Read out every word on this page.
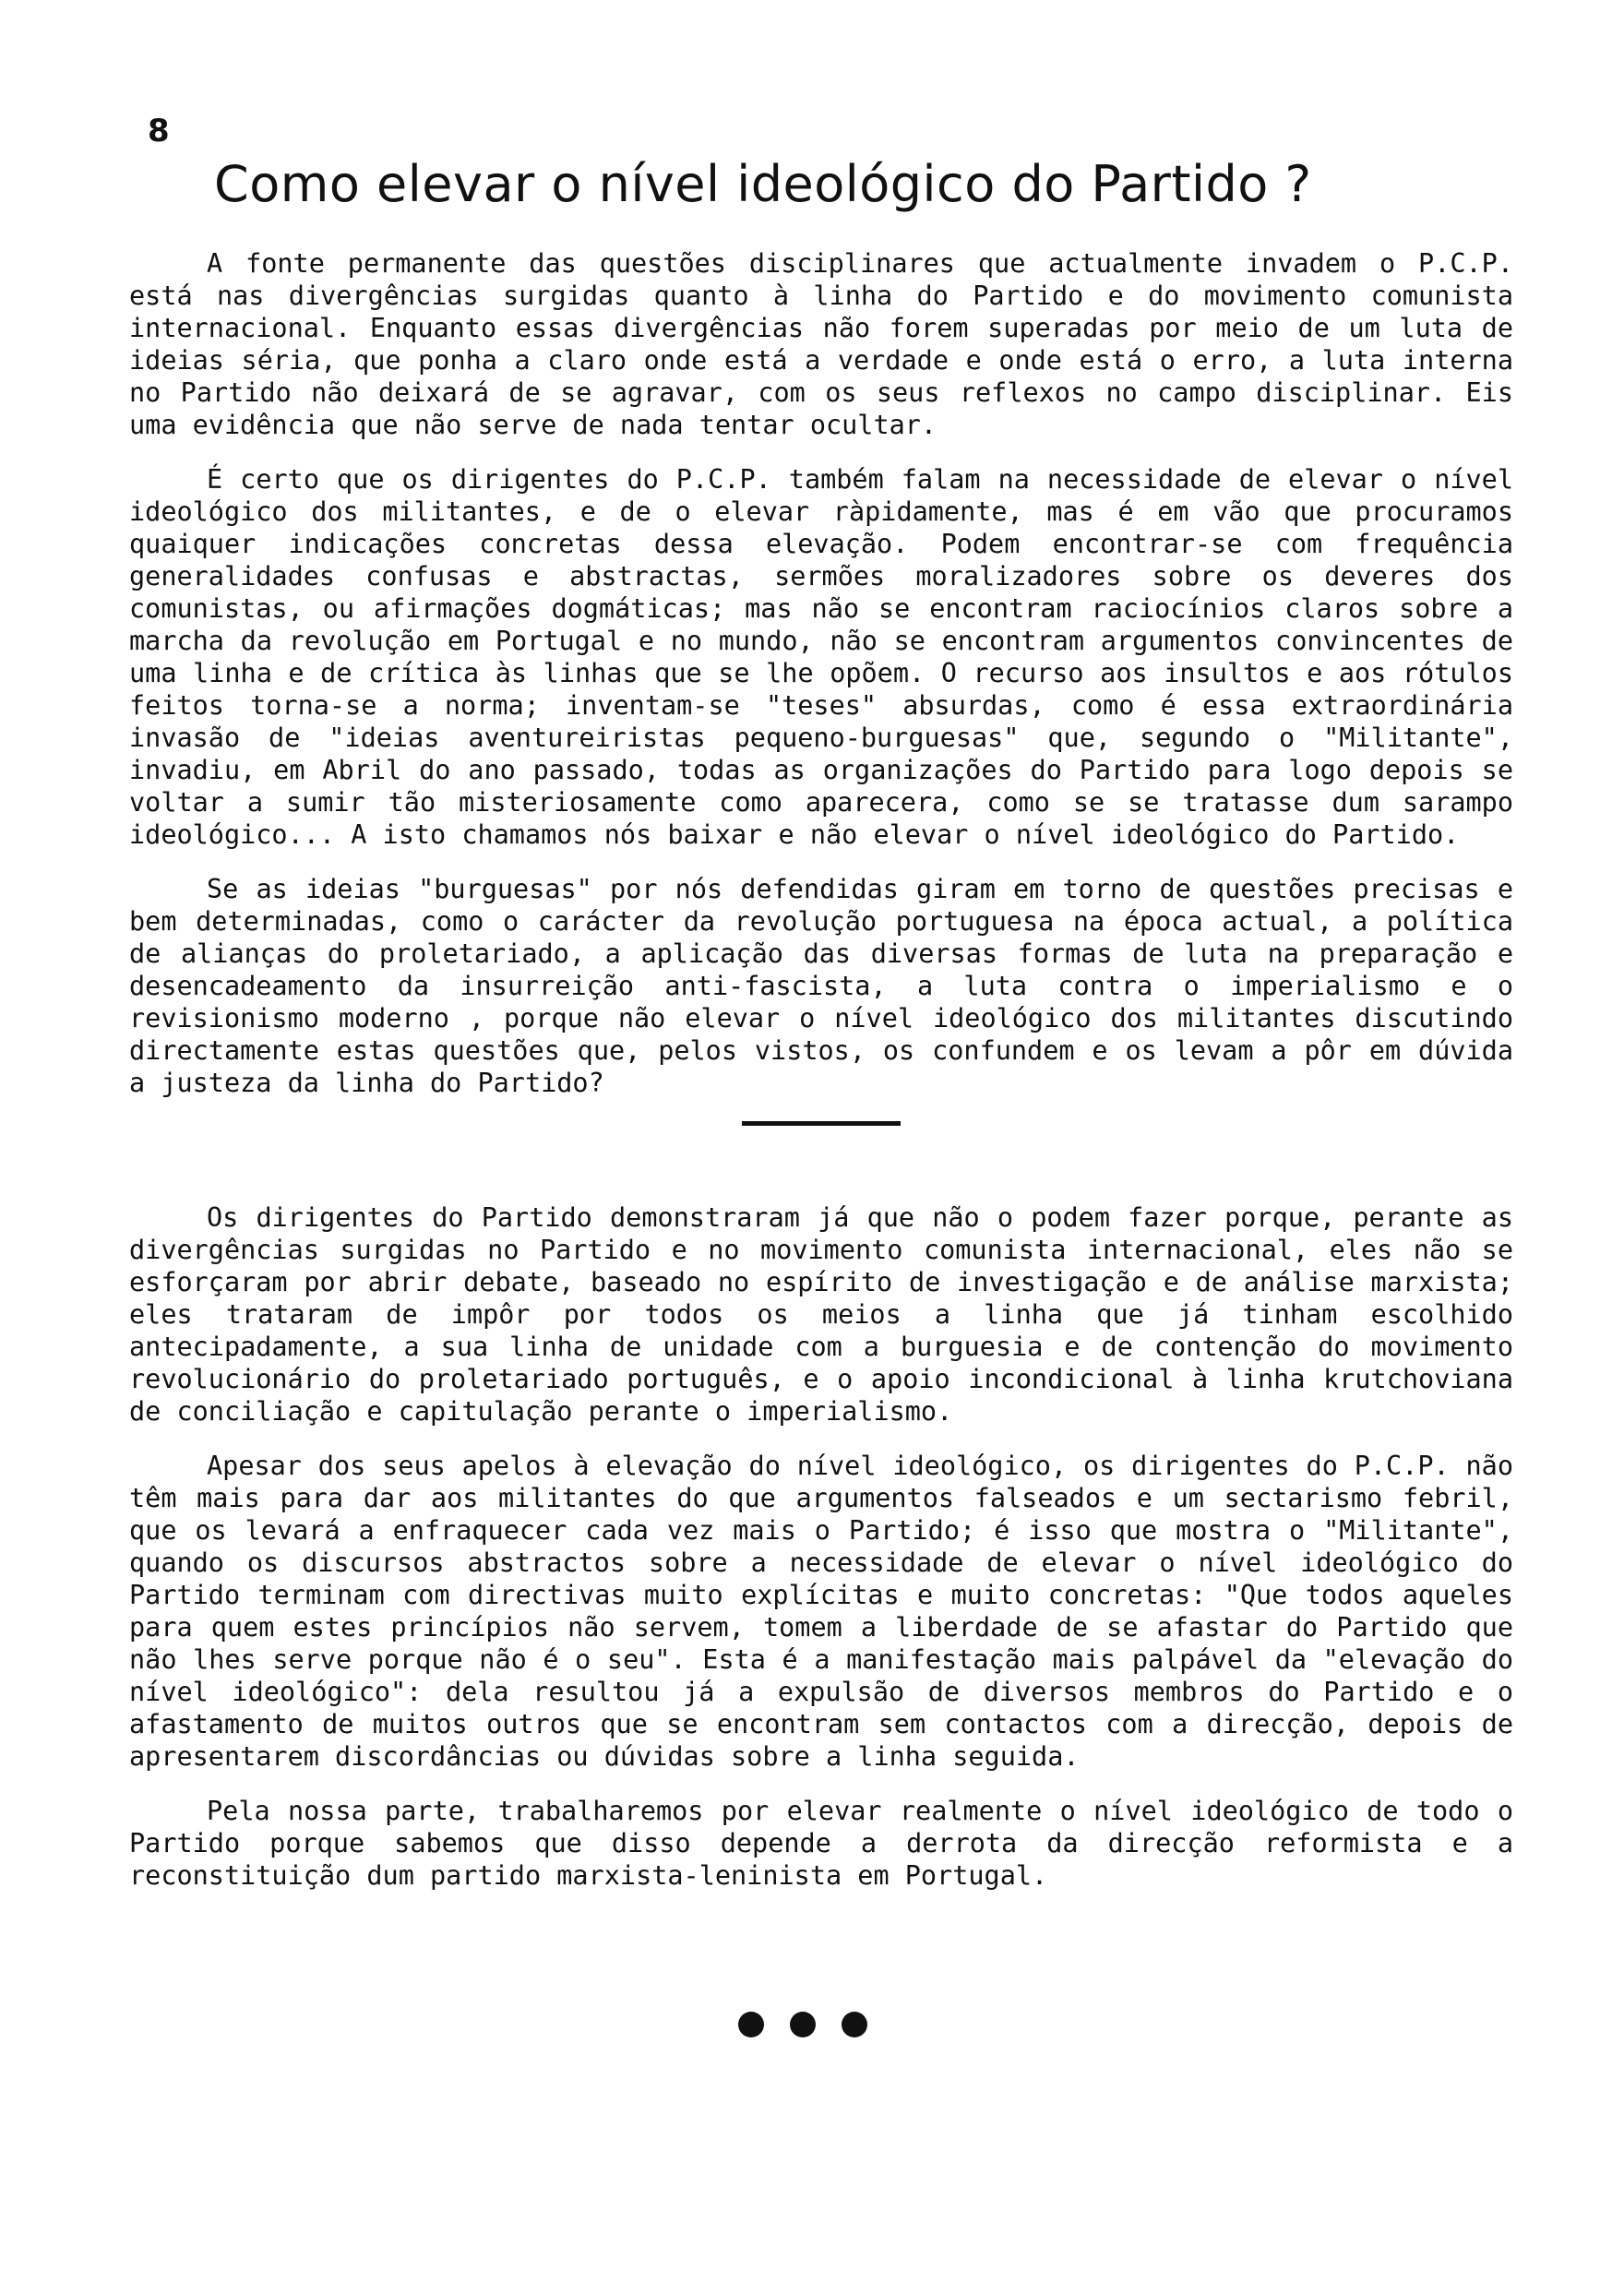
8
Como elevar o nível ideológico do Partido ?

A fonte permanente das questões disciplinares que actualmente invadem o P.C.P. está nas divergências surgidas quanto à linha do Partido e do movimento comunista internacional. Enquanto essas divergências não forem superadas por meio de um luta de ideias séria, que ponha a claro onde está a verdade e onde está o erro, a luta interna no Partido não deixará de se agravar, com os seus reflexos no campo disciplinar. Eis uma evidência que não serve de nada tentar ocultar.

É certo que os dirigentes do P.C.P. também falam na necessidade de elevar o nível ideológico dos militantes, e de o elevar ràpidamente, mas é em vão que procuramos quaiquer indicações concretas dessa elevação. Podem encontrar-se com frequência generalidades confusas e abstractas, sermões moralizadores sobre os deveres dos comunistas, ou afirmações dogmáticas; mas não se encontram raciocínios claros sobre a marcha da revolução em Portugal e no mundo, não se encontram argumentos convincentes de uma linha e de crítica às linhas que se lhe opõem. O recurso aos insultos e aos rótulos feitos torna-se a norma; inventam-se "teses" absurdas, como é essa extraordinária invasão de "ideias aventureiristas pequeno-burguesas" que, segundo o "Militante", invadiu, em Abril do ano passado, todas as organizações do Partido para logo depois se voltar a sumir tão misteriosamente como aparecera, como se se tratasse dum sarampo ideológico... A isto chamamos nós baixar e não elevar o nível ideológico do Partido.

Se as ideias "burguesas" por nós defendidas giram em torno de questões precisas e bem determinadas, como o carácter da revolução portuguesa na época actual, a política de alianças do proletariado, a aplicação das diversas formas de luta na preparação e desencadeamento da insurreição anti-fascista, a luta contra o imperialismo e o revisionismo moderno , porque não elevar o nível ideológico dos militantes discutindo directamente estas questões que, pelos vistos, os confundem e os levam a pôr em dúvida a justeza da linha do Partido?

Os dirigentes do Partido demonstraram já que não o podem fazer porque, perante as divergências surgidas no Partido e no movimento comunista internacional, eles não se esforçaram por abrir debate, baseado no espírito de investigação e de análise marxista; eles trataram de impôr por todos os meios a linha que já tinham escolhido antecipadamente, a sua linha de unidade com a burguesia e de contenção do movimento revolucionário do proletariado português, e o apoio incondicional à linha krutchoviana de conciliação e capitulação perante o imperialismo.

Apesar dos seus apelos à elevação do nível ideológico, os dirigentes do P.C.P. não têm mais para dar aos militantes do que argumentos falseados e um sectarismo febril, que os levará a enfraquecer cada vez mais o Partido; é isso que mostra o "Militante", quando os discursos abstractos sobre a necessidade de elevar o nível ideológico do Partido terminam com directivas muito explícitas e muito concretas: "Que todos aqueles para quem estes princípios não servem, tomem a liberdade de se afastar do Partido que não lhes serve porque não é o seu". Esta é a manifestação mais palpável da "elevação do nível ideológico": dela resultou já a expulsão de diversos membros do Partido e o afastamento de muitos outros que se encontram sem contactos com a direcção, depois de apresentarem discordâncias ou dúvidas sobre a linha seguida.

Pela nossa parte, trabalharemos por elevar realmente o nível ideológico de todo o Partido porque sabemos que disso depende a derrota da direcção reformista e a reconstituição dum partido marxista-leninista em Portugal.
